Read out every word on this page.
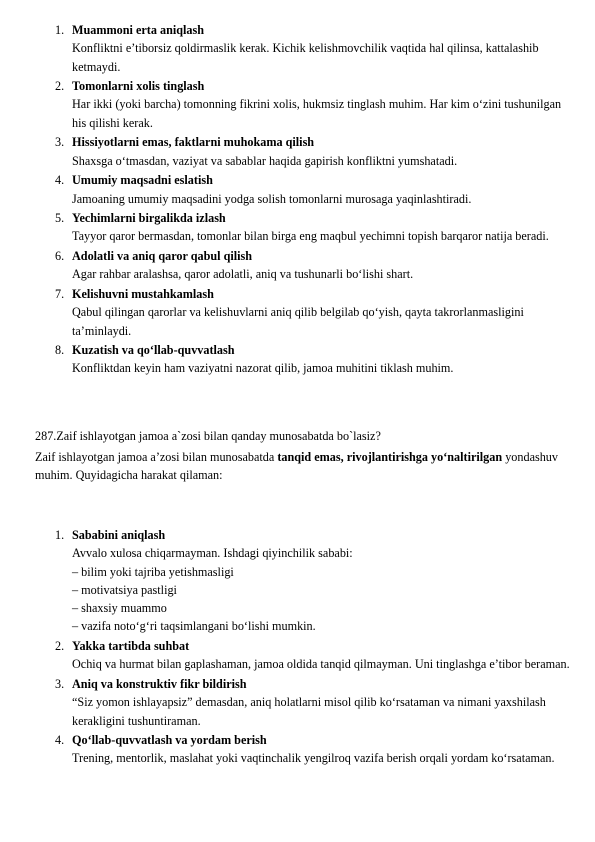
1. Muammoni erta aniqlash
Konfliktni e’tiborsiz qoldirmaslik kerak. Kichik kelishmovchilik vaqtida hal qilinsa, kattalashib ketmaydi.
2. Tomonlarni xolis tinglash
Har ikki (yoki barcha) tomonning fikrini xolis, hukmsiz tinglash muhim. Har kim o‘zini tushunilgan his qilishi kerak.
3. Hissiyotlarni emas, faktlarni muhokama qilish
Shaxsga o‘tmasdan, vaziyat va sabablar haqida gapirish konfliktni yumshatadi.
4. Umumiy maqsadni eslatish
Jamoaning umumiy maqsadini yodga solish tomonlarni murosaga yaqinlashtiradi.
5. Yechimlarni birgalikda izlash
Tayyor qaror bermasdan, tomonlar bilan birga eng maqbul yechimni topish barqaror natija beradi.
6. Adolatli va aniq qaror qabul qilish
Agar rahbar aralashsa, qaror adolatli, aniq va tushunarli bo‘lishi shart.
7. Kelishuvni mustahkamlash
Qabul qilingan qarorlar va kelishuvlarni aniq qilib belgilab qo‘yish, qayta takrorlanmasligini ta’minlaydi.
8. Kuzatish va qo‘llab-quvvatlash
Konfliktdan keyin ham vaziyatni nazorat qilib, jamoa muhitini tiklash muhim.
287.Zaif ishlayotgan jamoa a`zosi bilan qanday munosabatda bo`lasiz?
Zaif ishlayotgan jamoa a’zosi bilan munosabatda tanqid emas, rivojlantirishga yo‘naltirilgan yondashuv muhim. Quyidagicha harakat qilaman:
1. Sababini aniqlash
Avvalo xulosa chiqarmayman. Ishdagi qiyinchilik sababi:
– bilim yoki tajriba yetishmasligi
– motivatsiya pastligi
– shaxsiy muammo
– vazifa noto‘g‘ri taqsimlangani bo‘lishi mumkin.
2. Yakka tartibda suhbat
Ochiq va hurmat bilan gaplashaman, jamoa oldida tanqid qilmayman. Uni tinglashga e’tibor beraman.
3. Aniq va konstruktiv fikr bildirish
“Siz yomon ishlayapsiz” demasdan, aniq holatlarni misol qilib ko‘rsataman va nimani yaxshilash kerakligini tushuntiraman.
4. Qo‘llab-quvvatlash va yordam berish
Trening, mentorlik, maslahat yoki vaqtinchalik yengilroq vazifa berish orqali yordam ko‘rsataman.
